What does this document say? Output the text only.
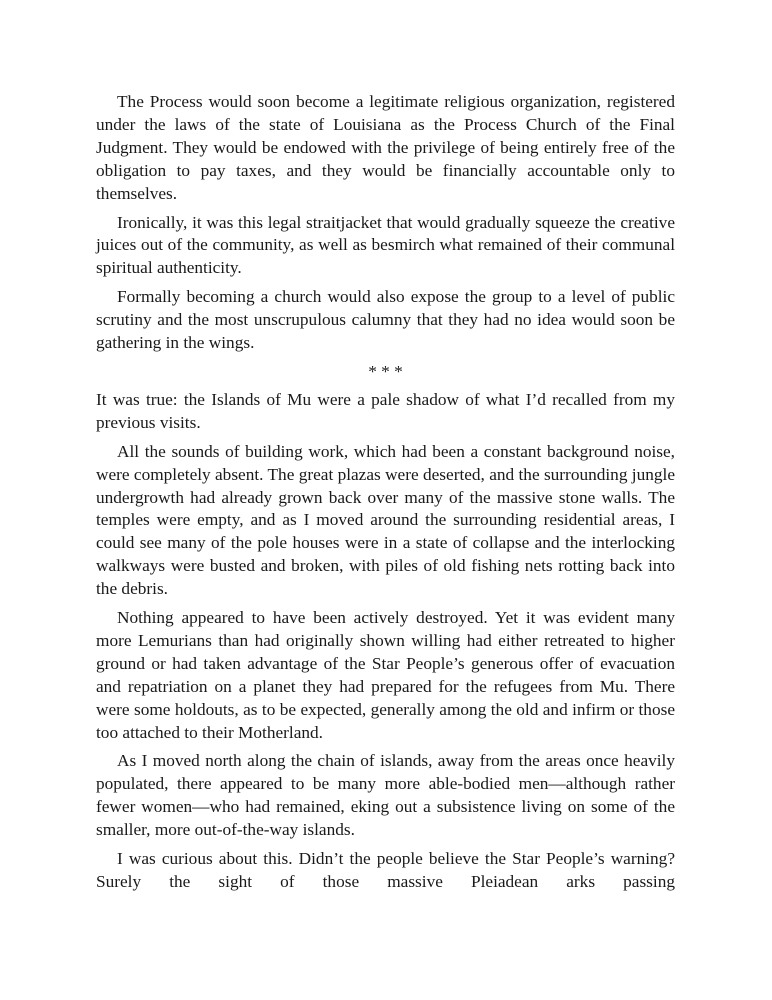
The Process would soon become a legitimate religious organization, registered under the laws of the state of Louisiana as the Process Church of the Final Judgment. They would be endowed with the privilege of being entirely free of the obligation to pay taxes, and they would be financially accountable only to themselves.

Ironically, it was this legal straitjacket that would gradually squeeze the creative juices out of the community, as well as besmirch what remained of their communal spiritual authenticity.

Formally becoming a church would also expose the group to a level of public scrutiny and the most unscrupulous calumny that they had no idea would soon be gathering in the wings.

* * *

It was true: the Islands of Mu were a pale shadow of what I’d recalled from my previous visits.

All the sounds of building work, which had been a constant background noise, were completely absent. The great plazas were deserted, and the surrounding jungle undergrowth had already grown back over many of the massive stone walls. The temples were empty, and as I moved around the surrounding residential areas, I could see many of the pole houses were in a state of collapse and the interlocking walkways were busted and broken, with piles of old fishing nets rotting back into the debris.

Nothing appeared to have been actively destroyed. Yet it was evident many more Lemurians than had originally shown willing had either retreated to higher ground or had taken advantage of the Star People’s generous offer of evacuation and repatriation on a planet they had prepared for the refugees from Mu. There were some holdouts, as to be expected, generally among the old and infirm or those too attached to their Motherland.

As I moved north along the chain of islands, away from the areas once heavily populated, there appeared to be many more able-bodied men—although rather fewer women—who had remained, eking out a subsistence living on some of the smaller, more out-of-the-way islands.

I was curious about this. Didn’t the people believe the Star People’s warning? Surely the sight of those massive Pleiadean arks passing
